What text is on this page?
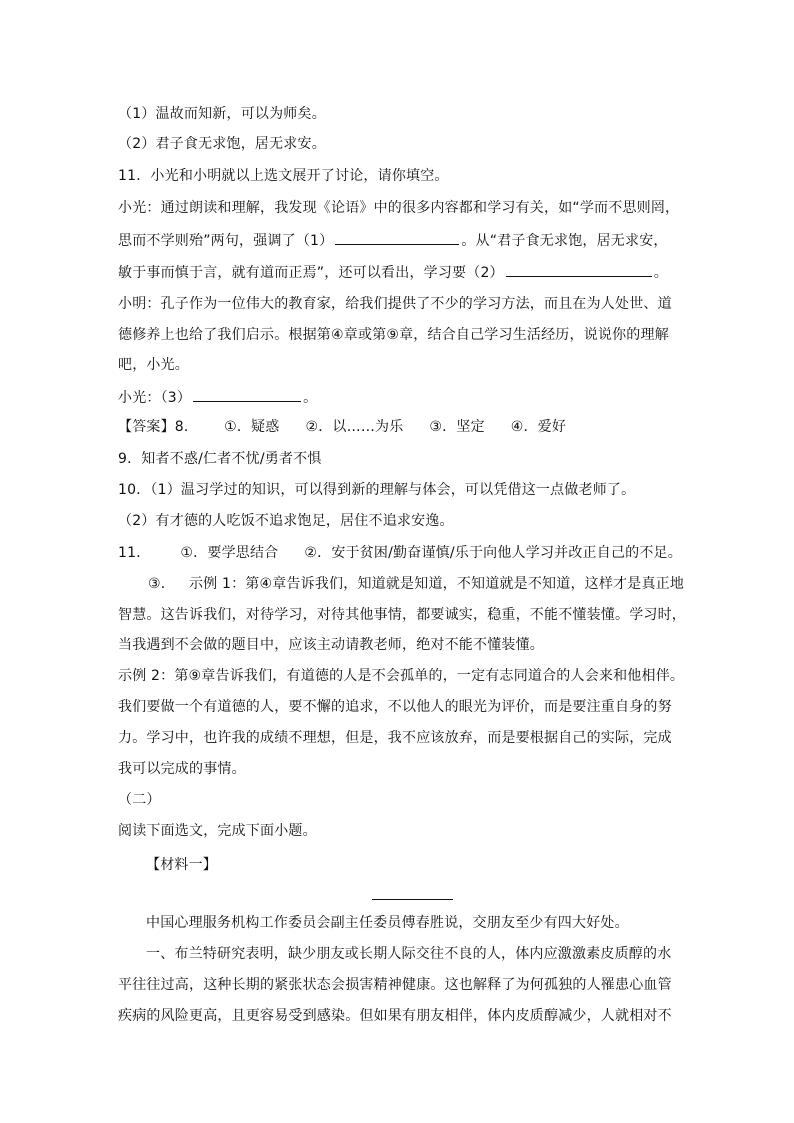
（1）温故而知新，可以为师矣。
（2）君子食无求饱，居无求安。
11．小光和小明就以上选文展开了讨论，请你填空。
小光：通过朗读和理解，我发现《论语》中的很多内容都和学习有关，如“学而不思则罔，
思而不学则殆”两句，强调了（1）	。从“君子食无求饱，居无求安，
敏于事而慎于言，就有道而正焉”，还可以看出，学习要（2）	。
小明：孔子作为一位伟大的教育家，给我们提供了不少的学习方法，而且在为人处世、道
德修养上也给了我们启示。根据第④章或第⑨章，结合自己学习生活经历，说说你的理解
吧，小光。
小光：（3）	。
【答案】8． ①．疑惑 ②．以……为乐 ③．坚定 ④．爱好
9．知者不惑/仁者不忧/勇者不惧
10．（1）温习学过的知识，可以得到新的理解与体会，可以凭借这一点做老师了。
（2）有才德的人吃饭不追求饱足，居住不追求安逸。
11． ①．要学思结合 ②．安于贫困/勤奋谨慎/乐于向他人学习并改正自己的不足。
③． 示例 1：第④章告诉我们，知道就是知道，不知道就是不知道，这样才是真正地
智慧。这告诉我们，对待学习，对待其他事情，都要诚实，稳重，不能不懂装懂。学习时，
当我遇到不会做的题目中，应该主动请教老师，绝对不能不懂装懂。
示例 2：第⑨章告诉我们，有道德的人是不会孤单的，一定有志同道合的人会来和他相伴。
我们要做一个有道德的人，要不懈的追求，不以他人的眼光为评价，而是要注重自身的努
力。学习中，也许我的成绩不理想，但是，我不应该放弃，而是要根据自己的实际，完成
我可以完成的事情。
（二）
阅读下面选文，完成下面小题。
【材料一】
中国心理服务机构工作委员会副主任委员傅春胜说，交朋友至少有四大好处。
一、布兰特研究表明，缺少朋友或长期人际交往不良的人，体内应激激素皮质醇的水
平往往过高，这种长期的紧张状态会损害精神健康。这也解释了为何孤独的人罹患心血管
疾病的风险更高，且更容易受到感染。但如果有朋友相伴，体内皮质醇减少，人就相对不
